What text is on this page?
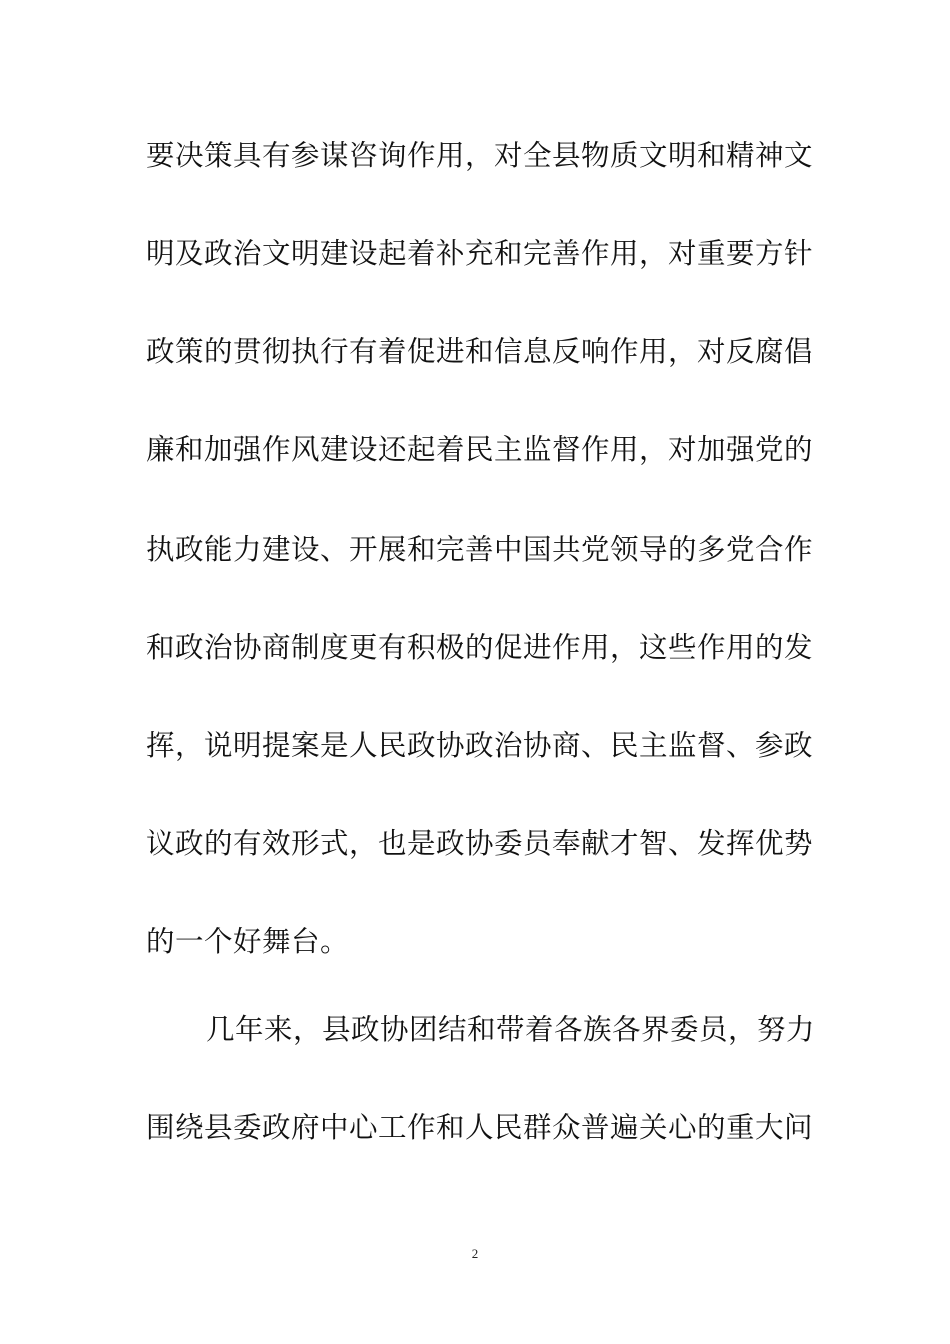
要决策具有参谋咨询作用，对全县物质文明和精神文
明及政治文明建设起着补充和完善作用，对重要方针
政策的贯彻执行有着促进和信息反响作用，对反腐倡
廉和加强作风建设还起着民主监督作用，对加强党的
执政能力建设、开展和完善中国共党领导的多党合作
和政治协商制度更有积极的促进作用，这些作用的发
挥，说明提案是人民政协政治协商、民主监督、参政
议政的有效形式，也是政协委员奉献才智、发挥优势
的一个好舞台。
几年来，县政协团结和带着各族各界委员，努力
围绕县委政府中心工作和人民群众普遍关心的重大问
2
